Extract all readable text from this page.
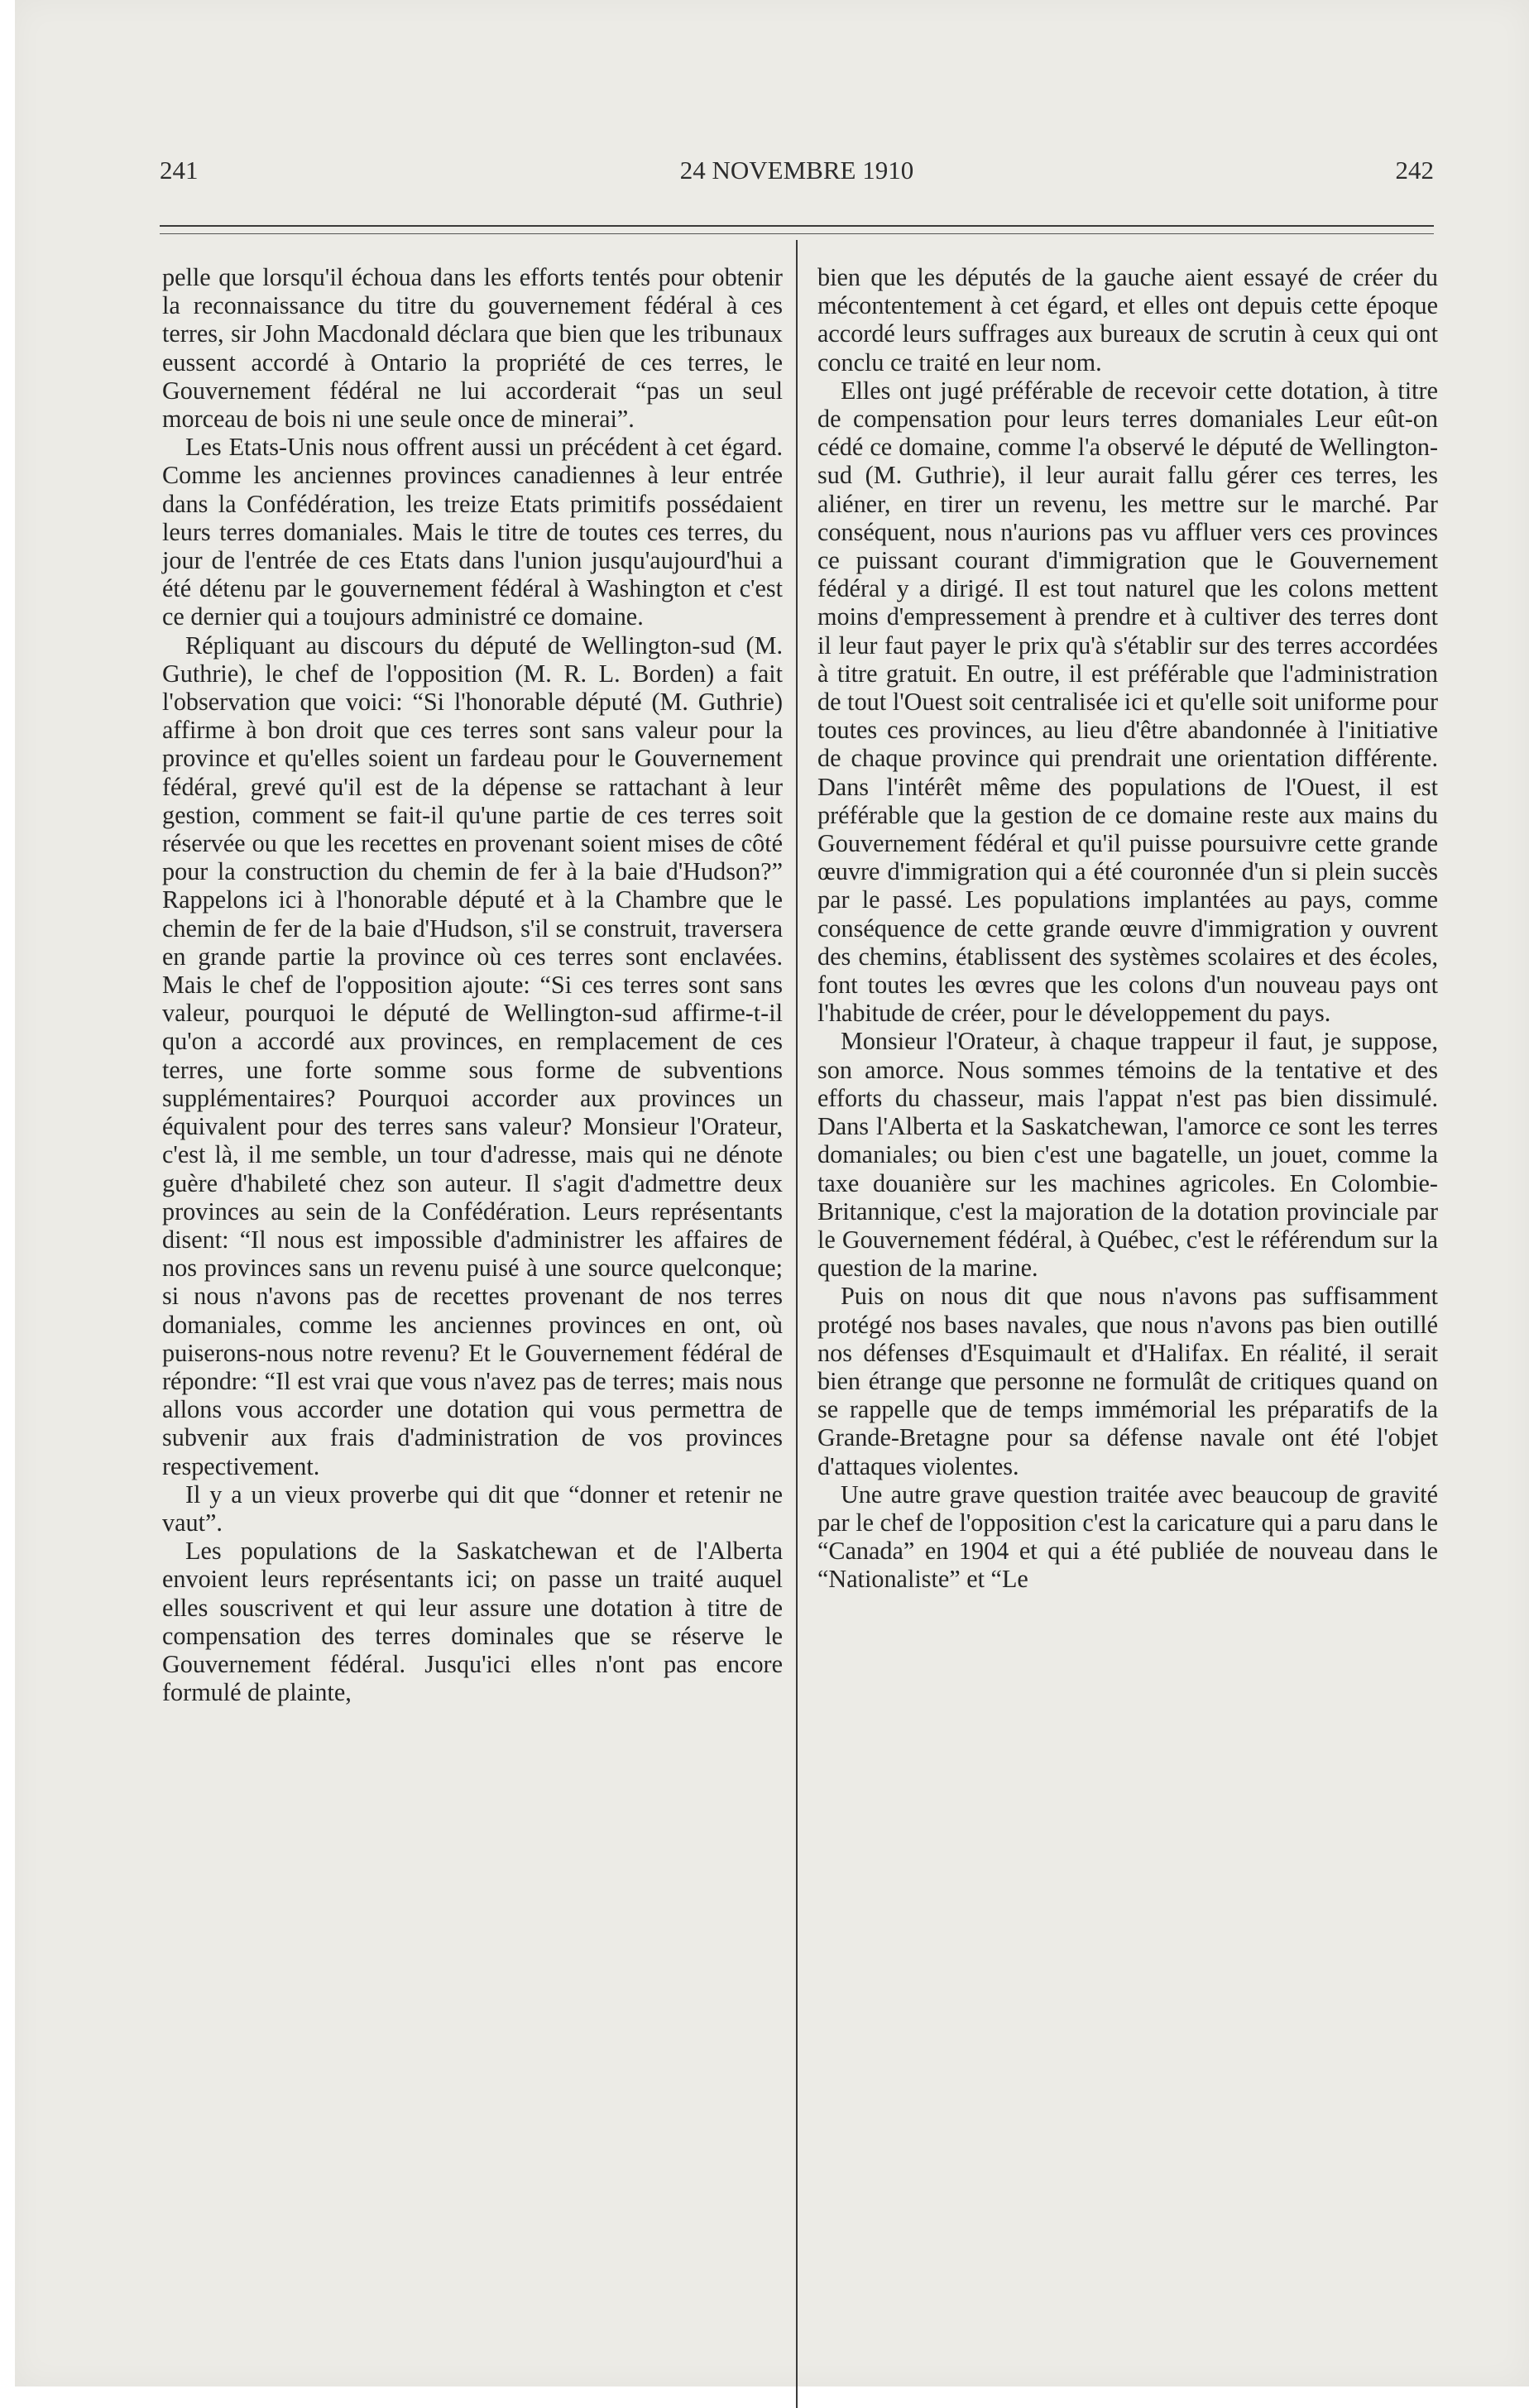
241	24 NOVEMBRE 1910	242

pelle que lorsqu'il échoua dans les efforts tentés pour obtenir la reconnaissance du titre du gouvernement fédéral à ces terres, sir John Macdonald déclara que bien que les tribunaux eussent accordé à Ontario la propriété de ces terres, le Gouvernement fédéral ne lui accorderait “pas un seul morceau de bois ni une seule once de minerai”.

Les Etats-Unis nous offrent aussi un précédent à cet égard. Comme les anciennes provinces canadiennes à leur entrée dans la Confédération, les treize Etats primitifs possédaient leurs terres domaniales. Mais le titre de toutes ces terres, du jour de l'entrée de ces Etats dans l'union jusqu'aujourd'hui a été détenu par le gouvernement fédéral à Washington et c'est ce dernier qui a toujours administré ce domaine.

Répliquant au discours du député de Wellington-sud (M. Guthrie), le chef de l'opposition (M. R. L. Borden) a fait l'observation que voici: “Si l'honorable député (M. Guthrie) affirme à bon droit que ces terres sont sans valeur pour la province et qu'elles soient un fardeau pour le Gouvernement fédéral, grevé qu'il est de la dépense se rattachant à leur gestion, comment se fait-il qu'une partie de ces terres soit réservée ou que les recettes en provenant soient mises de côté pour la construction du chemin de fer à la baie d'Hudson?” Rappelons ici à l'honorable député et à la Chambre que le chemin de fer de la baie d'Hudson, s'il se construit, traversera en grande partie la province où ces terres sont enclavées. Mais le chef de l'opposition ajoute: “Si ces terres sont sans valeur, pourquoi le député de Wellington-sud affirme-t-il qu'on a accordé aux provinces, en remplacement de ces terres, une forte somme sous forme de subventions supplémentaires? Pourquoi accorder aux provinces un équivalent pour des terres sans valeur? Monsieur l'Orateur, c'est là, il me semble, un tour d'adresse, mais qui ne dénote guère d'habileté chez son auteur. Il s'agit d'admettre deux provinces au sein de la Confédération. Leurs représentants disent: “Il nous est impossible d'administrer les affaires de nos provinces sans un revenu puisé à une source quelconque; si nous n'avons pas de recettes provenant de nos terres domaniales, comme les anciennes provinces en ont, où puiserons-nous notre revenu? Et le Gouvernement fédéral de répondre: “Il est vrai que vous n'avez pas de terres; mais nous allons vous accorder une dotation qui vous permettra de subvenir aux frais d'administration de vos provinces respectivement.

Il y a un vieux proverbe qui dit que “donner et retenir ne vaut”.

Les populations de la Saskatchewan et de l'Alberta envoient leurs représentants ici; on passe un traité auquel elles souscrivent et qui leur assure une dotation à titre de compensation des terres dominales que se réserve le Gouvernement fédéral. Jusqu'ici elles n'ont pas encore formulé de plainte,

bien que les députés de la gauche aient essayé de créer du mécontentement à cet égard, et elles ont depuis cette époque accordé leurs suffrages aux bureaux de scrutin à ceux qui ont conclu ce traité en leur nom.

Elles ont jugé préférable de recevoir cette dotation, à titre de compensation pour leurs terres domaniales Leur eût-on cédé ce domaine, comme l'a observé le député de Wellington-sud (M. Guthrie), il leur aurait fallu gérer ces terres, les aliéner, en tirer un revenu, les mettre sur le marché. Par conséquent, nous n'aurions pas vu affluer vers ces provinces ce puissant courant d'immigration que le Gouvernement fédéral y a dirigé. Il est tout naturel que les colons mettent moins d'empressement à prendre et à cultiver des terres dont il leur faut payer le prix qu'à s'établir sur des terres accordées à titre gratuit. En outre, il est préférable que l'administration de tout l'Ouest soit centralisée ici et qu'elle soit uniforme pour toutes ces provinces, au lieu d'être abandonnée à l'initiative de chaque province qui prendrait une orientation différente. Dans l'intérêt même des populations de l'Ouest, il est préférable que la gestion de ce domaine reste aux mains du Gouvernement fédéral et qu'il puisse poursuivre cette grande œuvre d'immigration qui a été couronnée d'un si plein succès par le passé. Les populations implantées au pays, comme conséquence de cette grande œuvre d'immigration y ouvrent des chemins, établissent des systèmes scolaires et des écoles, font toutes les œvres que les colons d'un nouveau pays ont l'habitude de créer, pour le développement du pays.

Monsieur l'Orateur, à chaque trappeur il faut, je suppose, son amorce. Nous sommes témoins de la tentative et des efforts du chasseur, mais l'appat n'est pas bien dissimulé. Dans l'Alberta et la Saskatchewan, l'amorce ce sont les terres domaniales; ou bien c'est une bagatelle, un jouet, comme la taxe douanière sur les machines agricoles. En Colombie-Britannique, c'est la majoration de la dotation provinciale par le Gouvernement fédéral, à Québec, c'est le référendum sur la question de la marine.

Puis on nous dit que nous n'avons pas suffisamment protégé nos bases navales, que nous n'avons pas bien outillé nos défenses d'Esquimault et d'Halifax. En réalité, il serait bien étrange que personne ne formulât de critiques quand on se rappelle que de temps immémorial les préparatifs de la Grande-Bretagne pour sa défense navale ont été l'objet d'attaques violentes.

Une autre grave question traitée avec beaucoup de gravité par le chef de l'opposition c'est la caricature qui a paru dans le “Canada” en 1904 et qui a été publiée de nouveau dans le “Nationaliste” et “Le
